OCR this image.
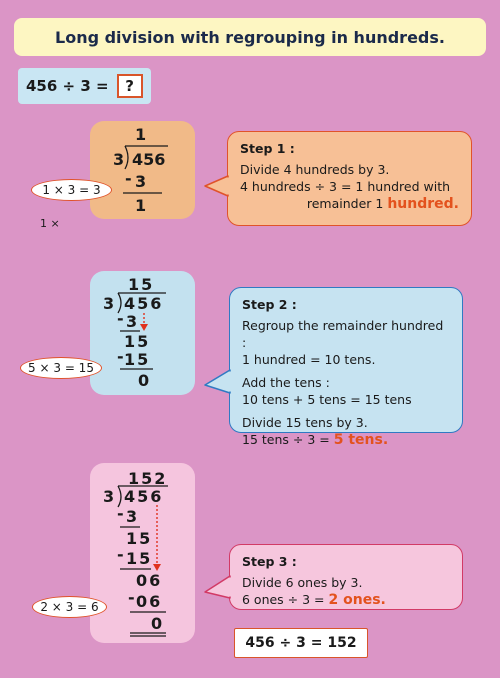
Long division with regrouping in hundreds.
456 ÷ 3 =	?
1
3 456
- 3
1
1 × 3 = 3
1 ×
Step 1 :
Divide 4 hundreds by 3.
4 hundreds ÷ 3 = 1 hundred with
remainder 1 hundred.
15
3 456
- 3
15
- 15
0
5 × 3 = 15
Step 2 :
Regroup the remainder hundred :
1 hundred = 10 tens.
Add the tens :
10 tens + 5 tens = 15 tens
Divide 15 tens by 3.
15 tens ÷ 3 = 5 tens.
152
3 456
- 3
15
- 15
06
- 06
0
2 × 3 = 6
Step 3 :
Divide 6 ones by 3.
6 ones ÷ 3 = 2 ones.
456 ÷ 3 = 152
